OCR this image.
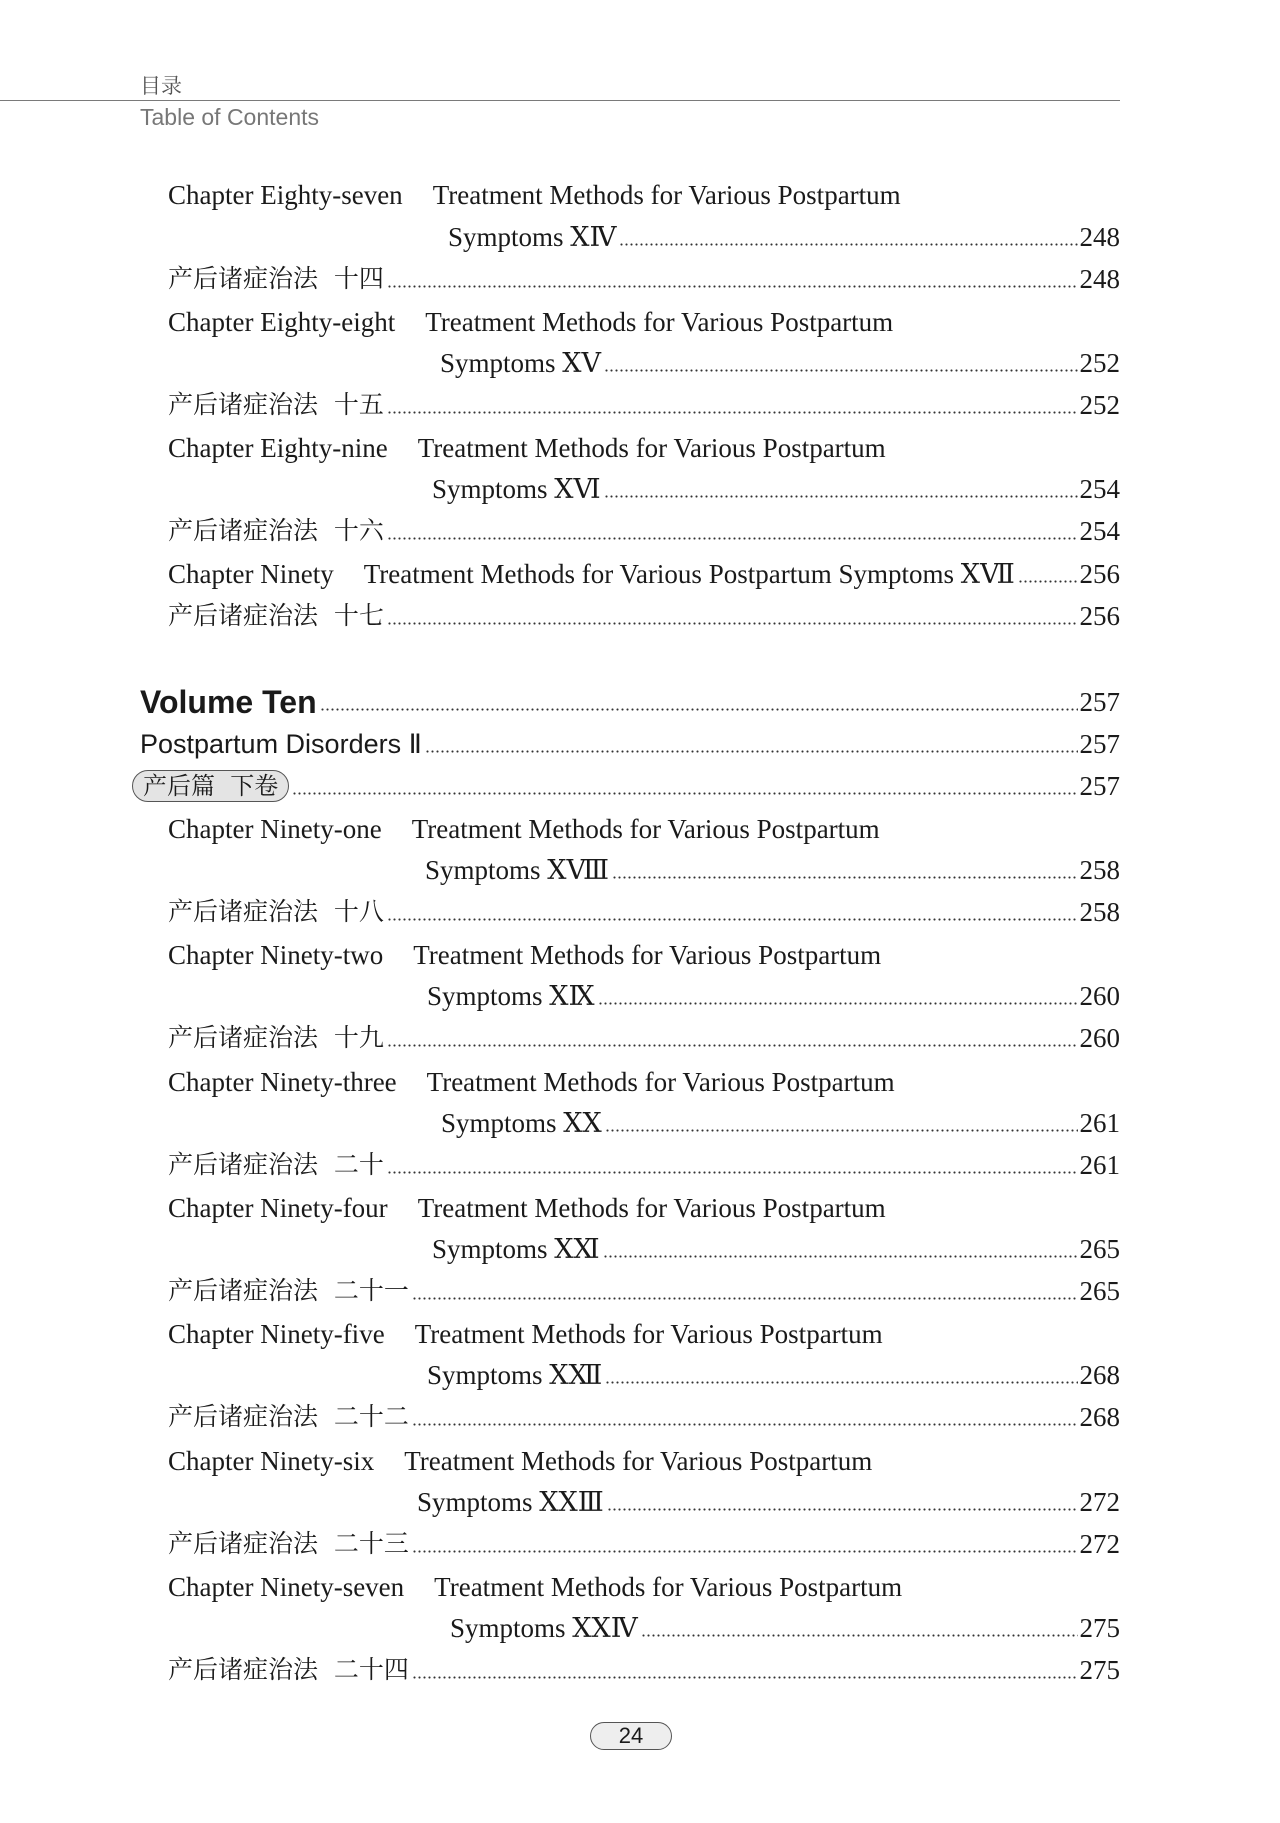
目录
Table of Contents
Chapter Eighty-seven Treatment Methods for Various Postpartum
Symptoms ⅩⅣ	248
产后诸症治法  十四	248
Chapter Eighty-eight Treatment Methods for Various Postpartum
Symptoms ⅩⅤ	252
产后诸症治法  十五	252
Chapter Eighty-nine Treatment Methods for Various Postpartum
Symptoms ⅩⅥ	254
产后诸症治法  十六	254
Chapter Ninety Treatment Methods for Various Postpartum Symptoms ⅩⅦ 256
产后诸症治法  十七	256
Volume Ten	257
Postpartum Disorders Ⅱ	257
产后篇  下卷	257
Chapter Ninety-one Treatment Methods for Various Postpartum
Symptoms ⅩⅧ	258
产后诸症治法  十八	258
Chapter Ninety-two Treatment Methods for Various Postpartum
Symptoms ⅩⅨ	260
产后诸症治法  十九	260
Chapter Ninety-three Treatment Methods for Various Postpartum
Symptoms ⅩⅩ	261
产后诸症治法  二十	261
Chapter Ninety-four Treatment Methods for Various Postpartum
Symptoms ⅩⅪ	265
产后诸症治法  二十一	265
Chapter Ninety-five Treatment Methods for Various Postpartum
Symptoms ⅩⅫ	268
产后诸症治法  二十二	268
Chapter Ninety-six Treatment Methods for Various Postpartum
Symptoms ⅩⅩⅢ	272
产后诸症治法  二十三	272
Chapter Ninety-seven Treatment Methods for Various Postpartum
Symptoms ⅩⅩⅣ	275
产后诸症治法  二十四	275
24
